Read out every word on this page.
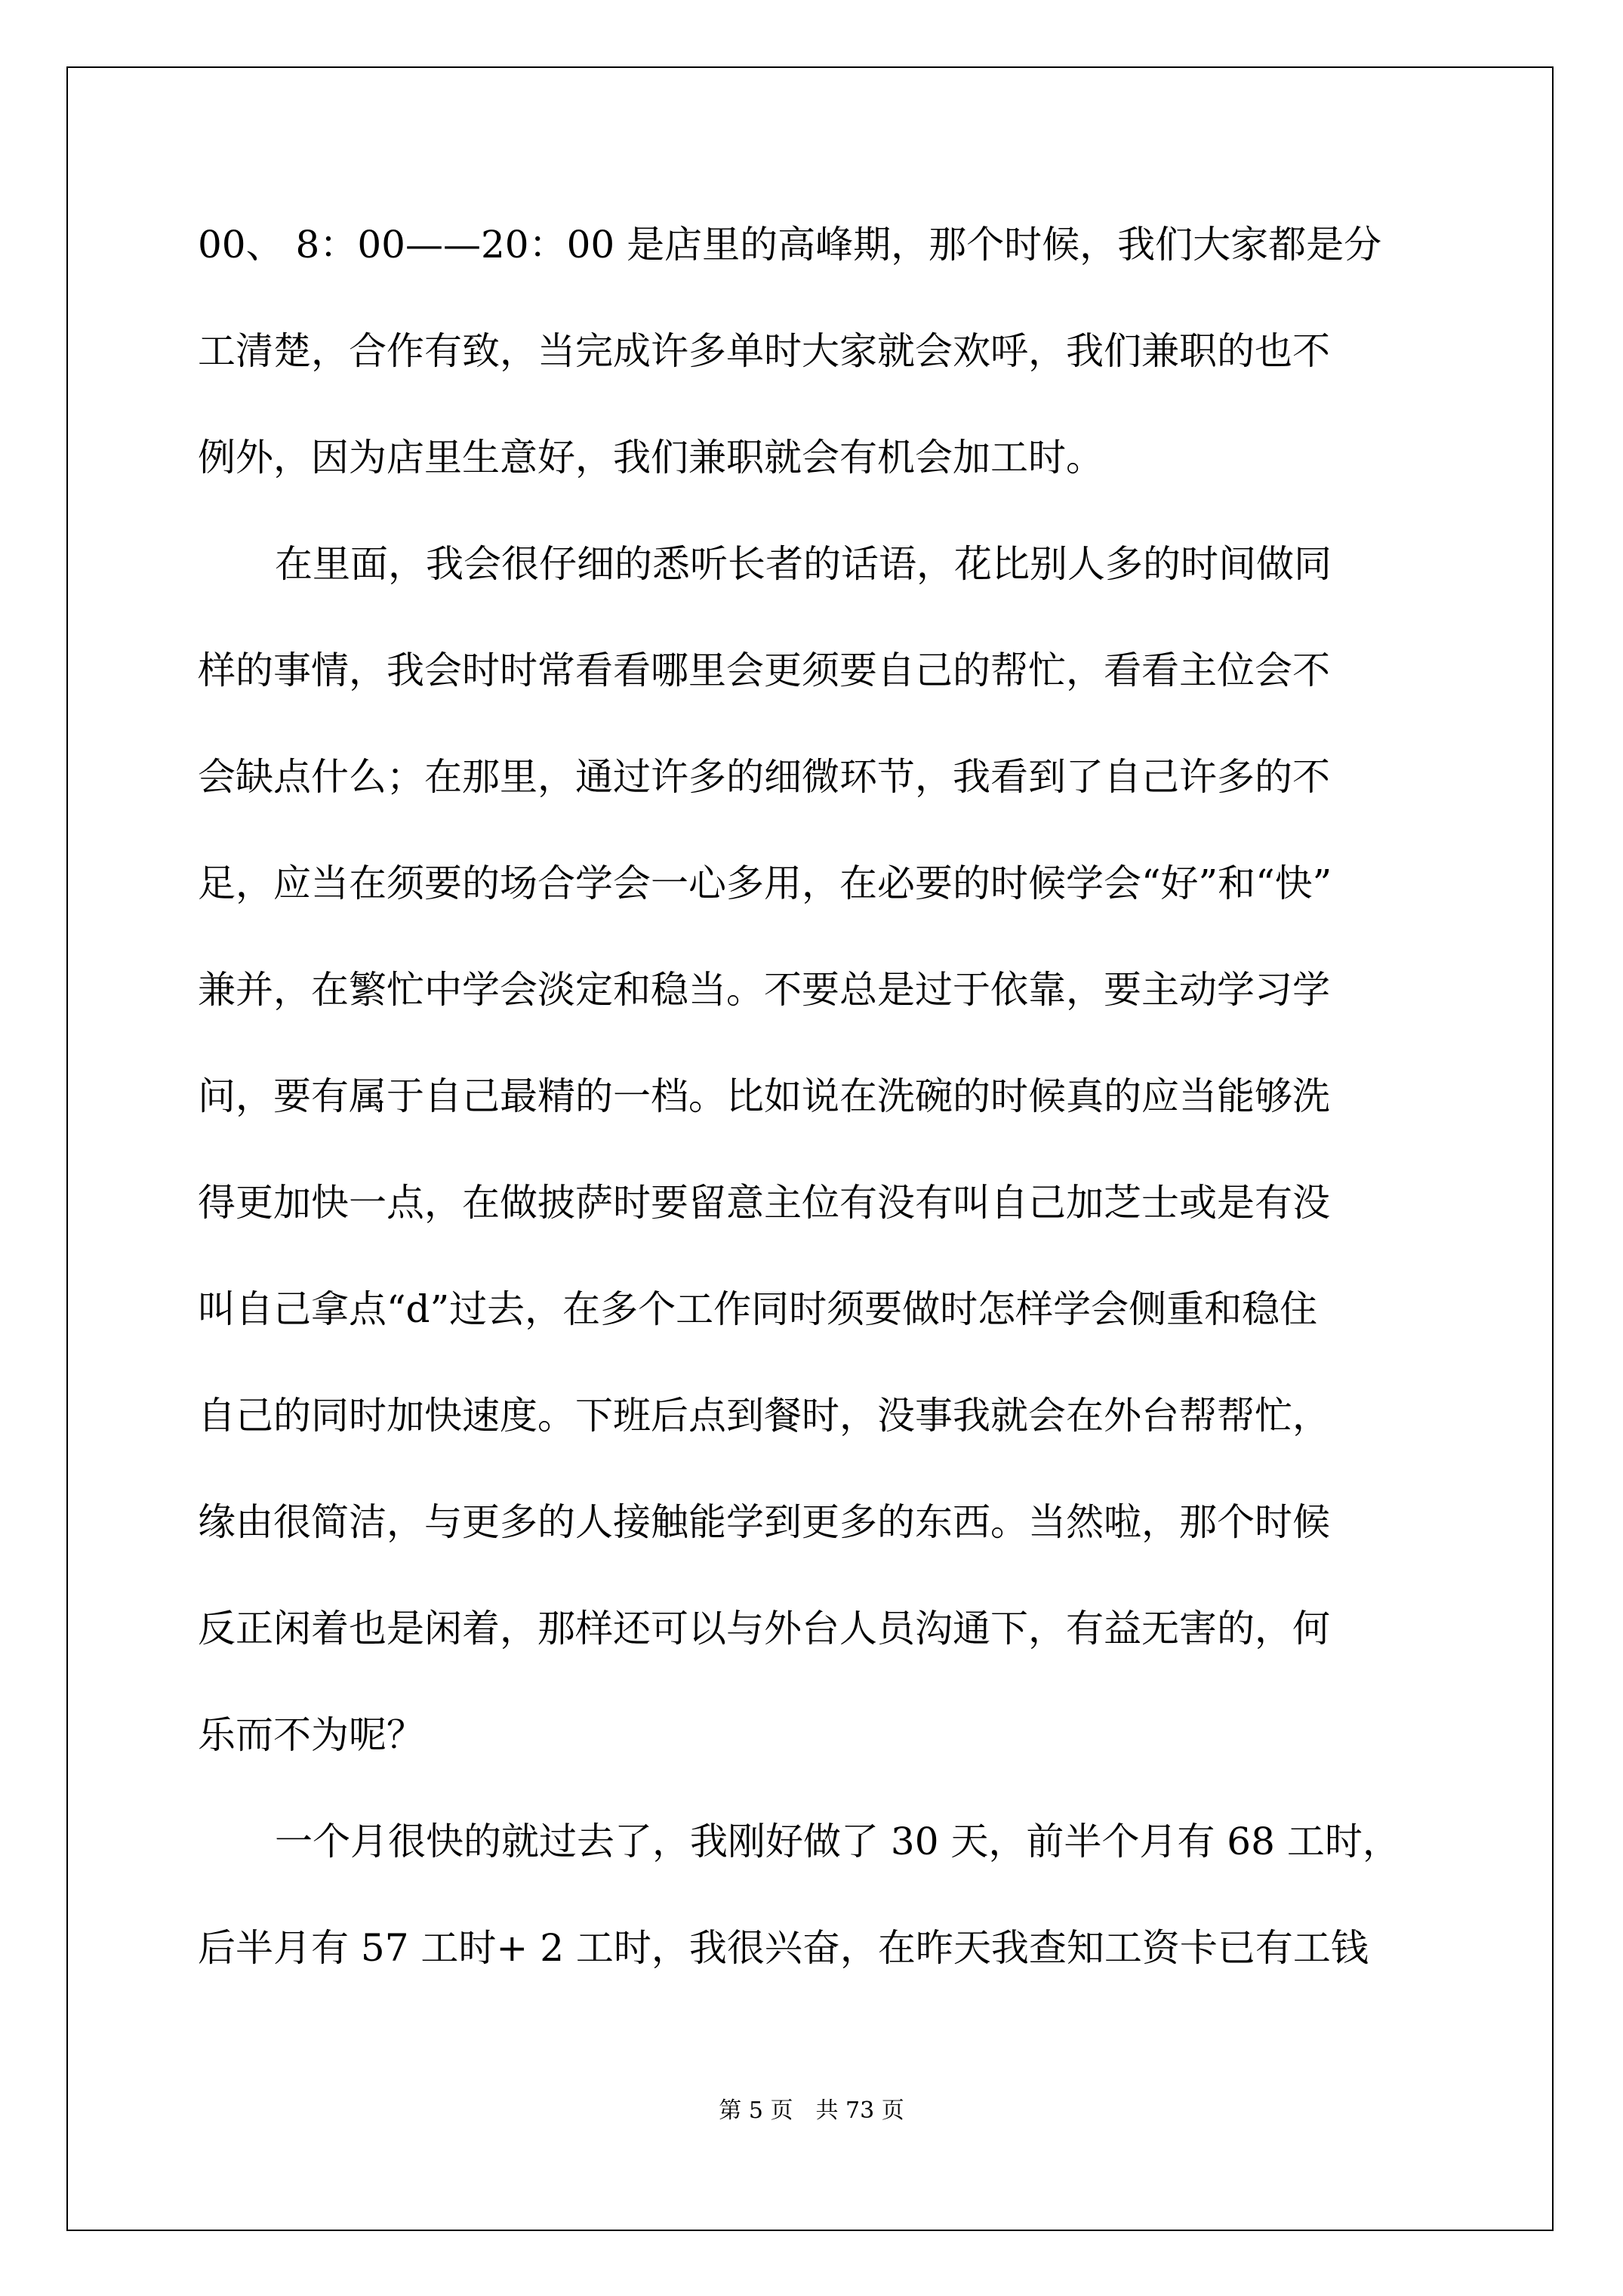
00、 8：00——20：00 是店里的高峰期，那个时候，我们大家都是分
工清楚，合作有致，当完成许多单时大家就会欢呼，我们兼职的也不
例外，因为店里生意好，我们兼职就会有机会加工时。
在里面，我会很仔细的悉听长者的话语，花比别人多的时间做同
样的事情，我会时时常看看哪里会更须要自己的帮忙，看看主位会不
会缺点什么；在那里，通过许多的细微环节，我看到了自己许多的不
足，应当在须要的场合学会一心多用，在必要的时候学会“好”和“快”
兼并，在繁忙中学会淡定和稳当。不要总是过于依靠，要主动学习学
问，要有属于自己最精的一档。比如说在洗碗的时候真的应当能够洗
得更加快一点，在做披萨时要留意主位有没有叫自己加芝士或是有没
叫自己拿点“d”过去，在多个工作同时须要做时怎样学会侧重和稳住
自己的同时加快速度。下班后点到餐时，没事我就会在外台帮帮忙，
缘由很简洁，与更多的人接触能学到更多的东西。当然啦，那个时候
反正闲着也是闲着，那样还可以与外台人员沟通下，有益无害的，何
乐而不为呢？
一个月很快的就过去了，我刚好做了 30 天，前半个月有 68 工时，
后半月有 57 工时+ 2 工时，我很兴奋，在昨天我查知工资卡已有工钱
第 5 页 共 73 页
